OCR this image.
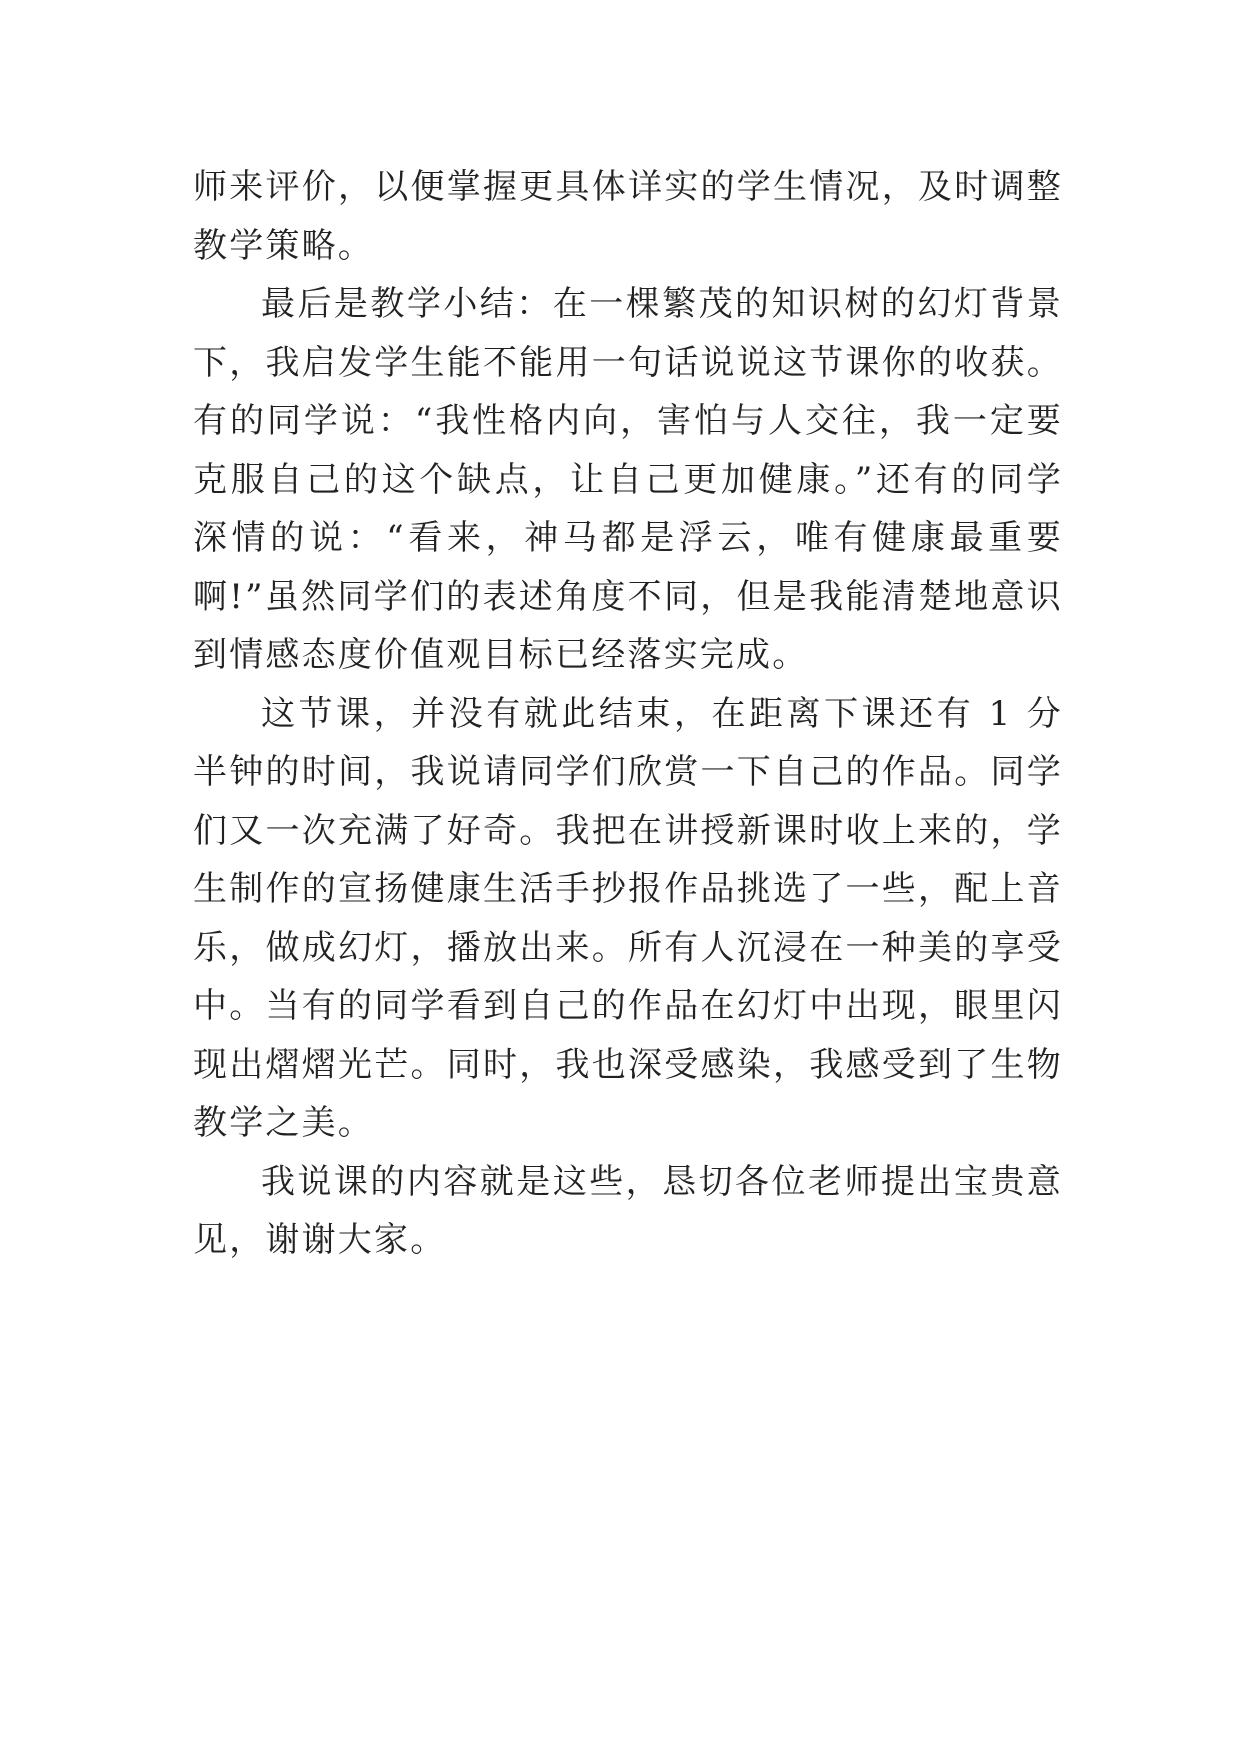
师来评价，以便掌握更具体详实的学生情况，及时调整教学策略。

最后是教学小结：在一棵繁茂的知识树的幻灯背景下，我启发学生能不能用一句话说说这节课你的收获。有的同学说：“我性格内向，害怕与人交往，我一定要克服自己的这个缺点，让自己更加健康。”还有的同学深情的说：“看来，神马都是浮云，唯有健康最重要啊!”虽然同学们的表述角度不同，但是我能清楚地意识到情感态度价值观目标已经落实完成。

这节课，并没有就此结束，在距离下课还有 1 分半钟的时间，我说请同学们欣赏一下自己的作品。同学们又一次充满了好奇。我把在讲授新课时收上来的，学生制作的宣扬健康生活手抄报作品挑选了一些，配上音乐，做成幻灯，播放出来。所有人沉浸在一种美的享受中。当有的同学看到自己的作品在幻灯中出现，眼里闪现出熠熠光芒。同时，我也深受感染，我感受到了生物教学之美。

我说课的内容就是这些，恳切各位老师提出宝贵意见，谢谢大家。
